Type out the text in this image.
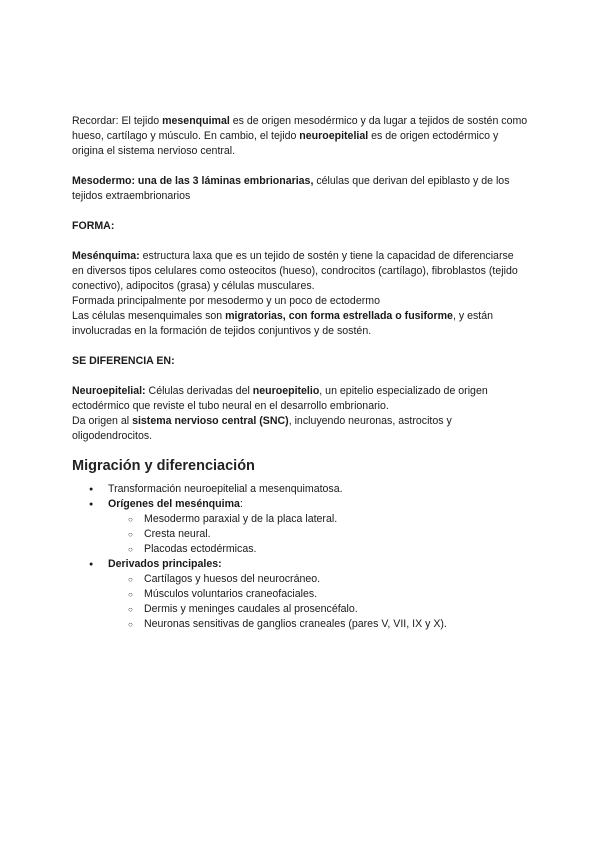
Recordar: El tejido mesenquimal es de origen mesodérmico y da lugar a tejidos de sostén como hueso, cartílago y músculo. En cambio, el tejido neuroepitelial es de origen ectodérmico y origina el sistema nervioso central.

Mesodermo: una de las 3 láminas embrionarias, células que derivan del epiblasto y de los tejidos extraembrionarios

FORMA:

Mesénquima: estructura laxa que es un tejido de sostén y tiene la capacidad de diferenciarse en diversos tipos celulares como osteocitos (hueso), condrocitos (cartílago), fibroblastos (tejido conectivo), adipocitos (grasa) y células musculares.

Formada principalmente por mesodermo y un poco de ectodermo

Las células mesenquimales son migratorias, con forma estrellada o fusiforme, y están involucradas en la formación de tejidos conjuntivos y de sostén.

SE DIFERENCIA EN:

Neuroepitelial: Células derivadas del neuroepitelio, un epitelio especializado de origen ectodérmico que reviste el tubo neural en el desarrollo embrionario.

Da origen al sistema nervioso central (SNC), incluyendo neuronas, astrocitos y oligodendrocitos.

Migración y diferenciación
● Transformación neuroepitelial a mesenquimatosa.
● Orígenes del mesénquima:
○ Mesodermo paraxial y de la placa lateral.
○ Cresta neural.
○ Placodas ectodérmicas.
● Derivados principales:
○ Cartílagos y huesos del neurocráneo.
○ Músculos voluntarios craneofaciales.
○ Dermis y meninges caudales al prosencéfalo.
○ Neuronas sensitivas de ganglios craneales (pares V, VII, IX y X).
